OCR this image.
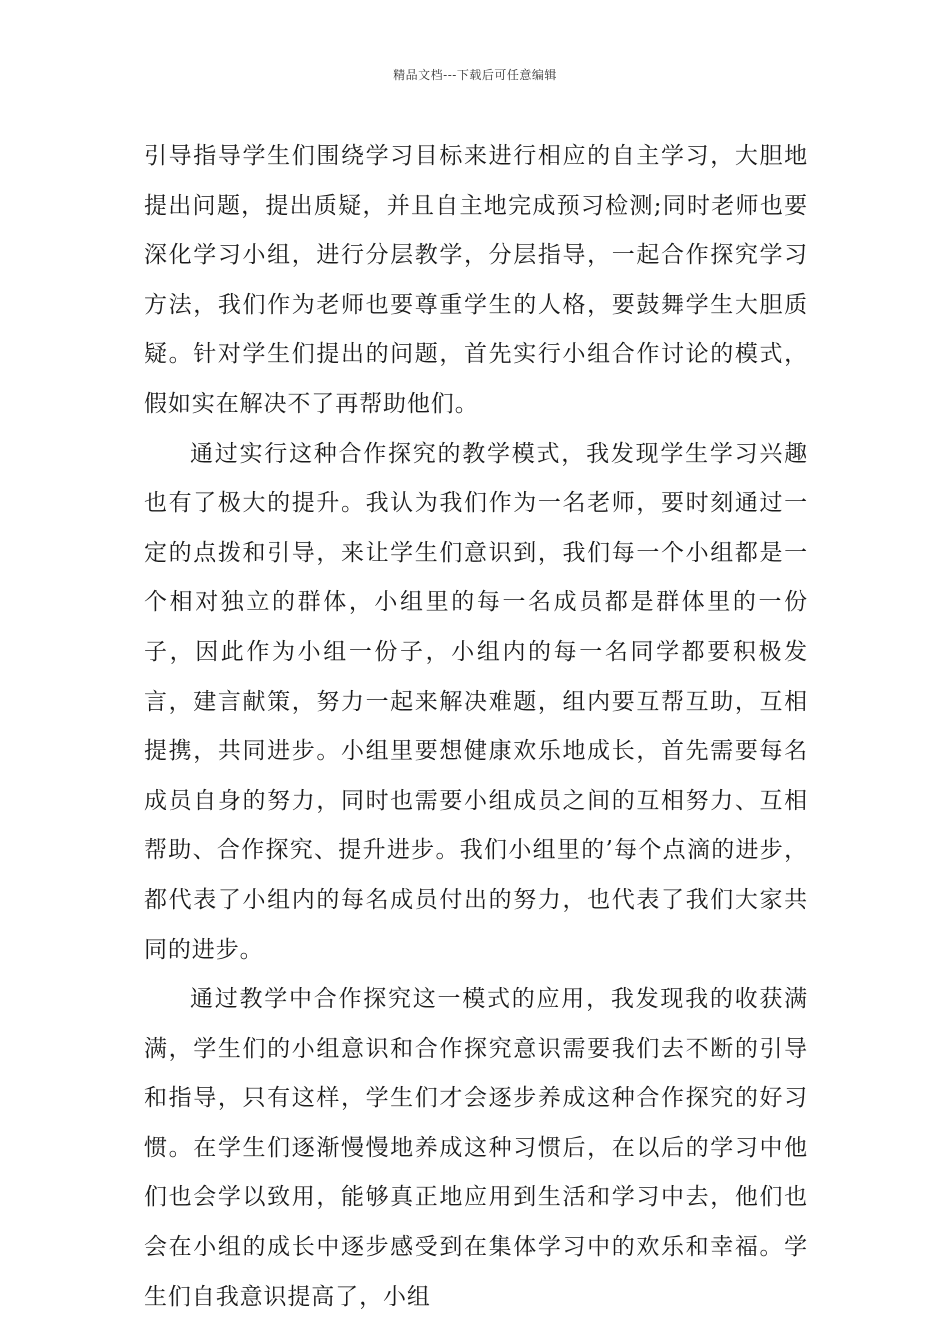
精品文档---下载后可任意编辑

引导指导学生们围绕学习目标来进行相应的自主学习，大胆地提出问题，提出质疑，并且自主地完成预习检测;同时老师也要深化学习小组，进行分层教学，分层指导，一起合作探究学习方法，我们作为老师也要尊重学生的人格，要鼓舞学生大胆质疑。针对学生们提出的问题，首先实行小组合作讨论的模式，假如实在解决不了再帮助他们。

通过实行这种合作探究的教学模式，我发现学生学习兴趣也有了极大的提升。我认为我们作为一名老师，要时刻通过一定的点拨和引导，来让学生们意识到，我们每一个小组都是一个相对独立的群体，小组里的每一名成员都是群体里的一份子，因此作为小组一份子，小组内的每一名同学都要积极发言，建言献策，努力一起来解决难题，组内要互帮互助，互相提携，共同进步。小组里要想健康欢乐地成长，首先需要每名成员自身的努力，同时也需要小组成员之间的互相努力、互相帮助、合作探究、提升进步。我们小组里的’每个点滴的进步，都代表了小组内的每名成员付出的努力，也代表了我们大家共同的进步。

通过教学中合作探究这一模式的应用，我发现我的收获满满，学生们的小组意识和合作探究意识需要我们去不断的引导和指导，只有这样，学生们才会逐步养成这种合作探究的好习惯。在学生们逐渐慢慢地养成这种习惯后，在以后的学习中他们也会学以致用，能够真正地应用到生活和学习中去，他们也会在小组的成长中逐步感受到在集体学习中的欢乐和幸福。学生们自我意识提高了，小组
